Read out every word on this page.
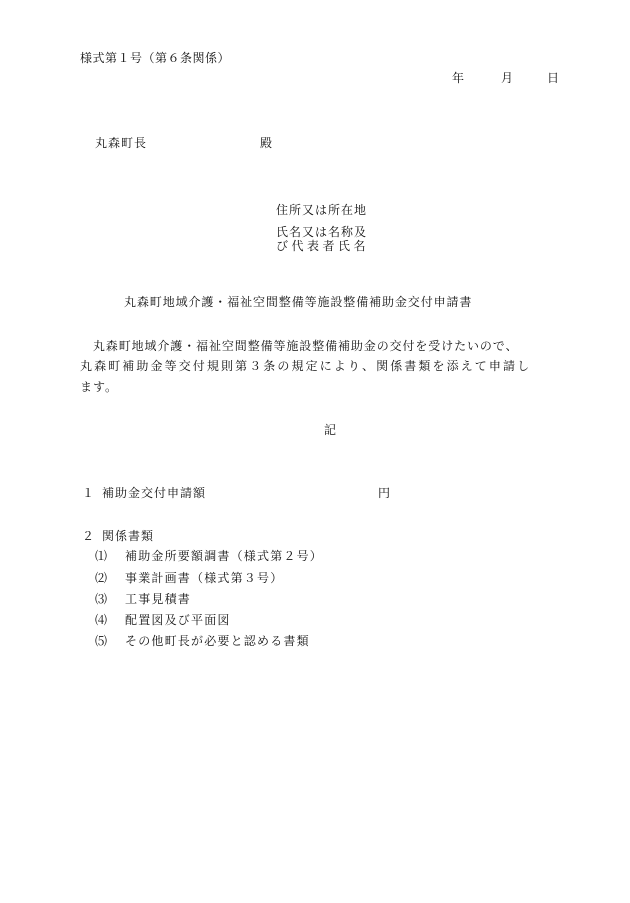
様式第１号（第６条関係）
年	月	日
丸森町長	殿
住所又は所在地
氏名又は名称及
び代表者氏名
丸森町地域介護・福祉空間整備等施設整備補助金交付申請書
　丸森町地域介護・福祉空間整備等施設整備補助金の交付を受けたいので、
丸森町補助金等交付規則第３条の規定により、関係書類を添えて申請し
ます。
記
１ 補助金交付申請額	円
２ 関係書類
⑴ 補助金所要額調書（様式第２号）
⑵ 事業計画書（様式第３号）
⑶ 工事見積書
⑷ 配置図及び平面図
⑸ その他町長が必要と認める書類
